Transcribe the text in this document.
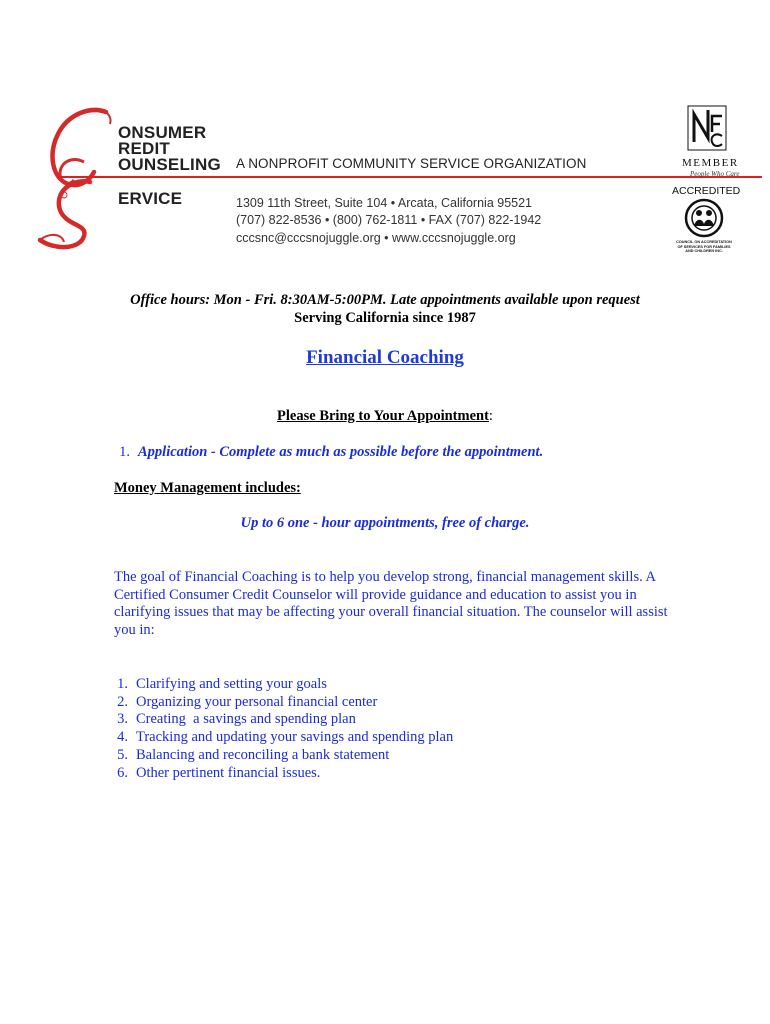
ONSUMER
REDIT
OUNSELING
ERVICE
A NONPROFIT COMMUNITY SERVICE ORGANIZATION
1309 11th Street, Suite 104 • Arcata, California 95521
(707) 822-8536 • (800) 762-1811 • FAX (707) 822-1942
cccsnc@cccsnojuggle.org • www.cccsnojuggle.org
MEMBER
People Who Care
ACCREDITED
COUNCIL ON ACCREDITATION OF SERVICES FOR FAMILIES AND CHILDREN INC.
Office hours: Mon - Fri. 8:30AM-5:00PM. Late appointments available upon request
Serving California since 1987
Financial Coaching
Please Bring to Your Appointment:
1. Application - Complete as much as possible before the appointment.
Money Management includes:
Up to 6 one - hour appointments, free of charge.
The goal of Financial Coaching is to help you develop strong, financial management skills. A Certified Consumer Credit Counselor will provide guidance and education to assist you in clarifying issues that may be affecting your overall financial situation. The counselor will assist you in:
1. Clarifying and setting your goals
2. Organizing your personal financial center
3. Creating  a savings and spending plan
4. Tracking and updating your savings and spending plan
5. Balancing and reconciling a bank statement
6. Other pertinent financial issues.
